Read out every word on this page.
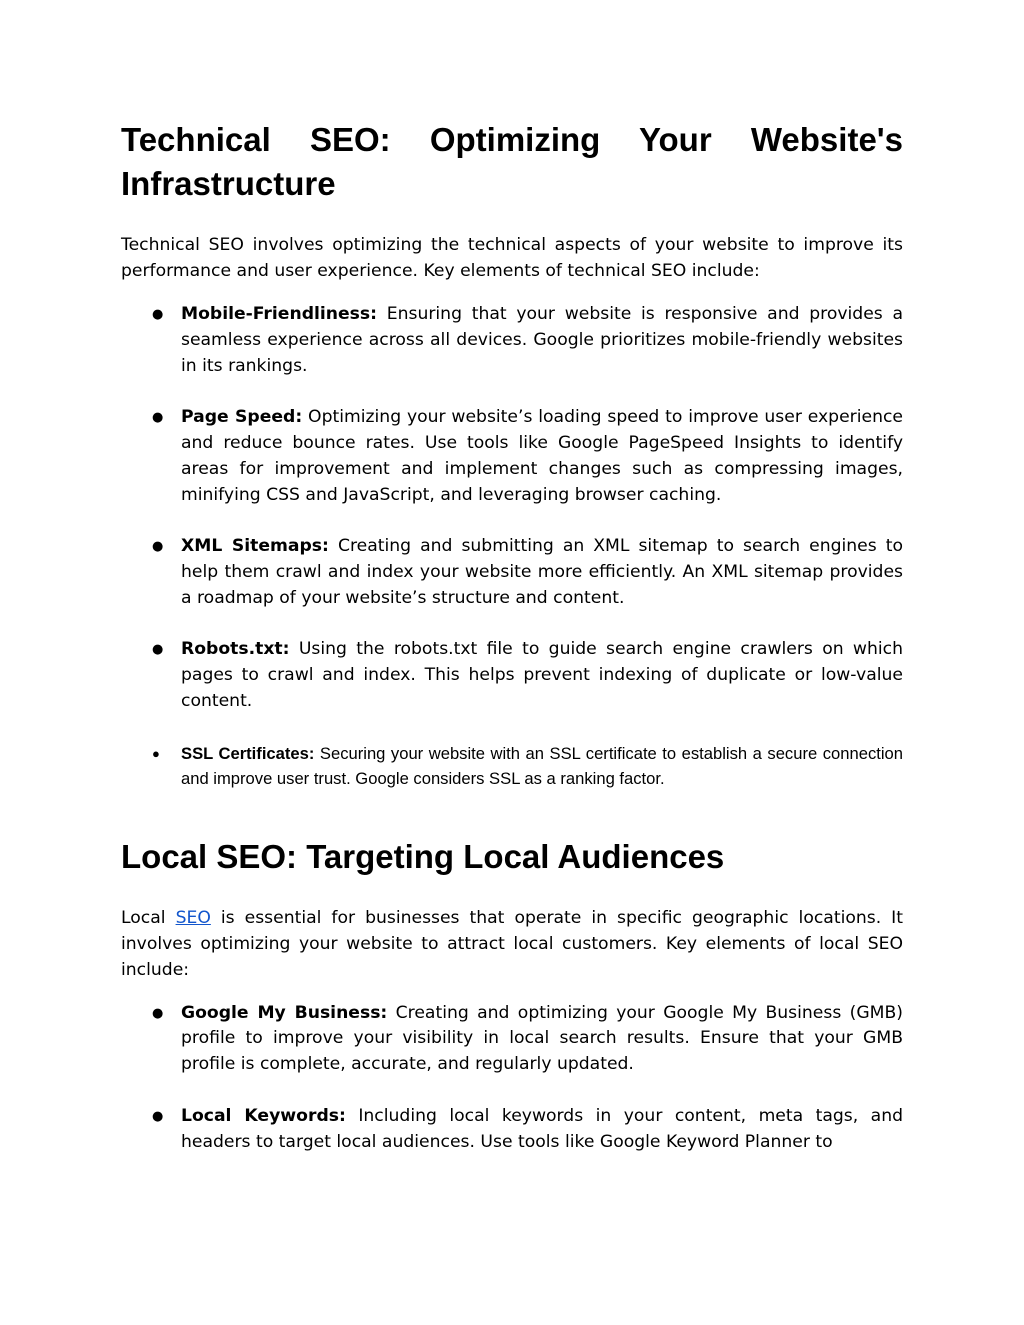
Technical SEO: Optimizing Your Website's Infrastructure

Technical SEO involves optimizing the technical aspects of your website to improve its performance and user experience. Key elements of technical SEO include:

● Mobile-Friendliness: Ensuring that your website is responsive and provides a seamless experience across all devices. Google prioritizes mobile-friendly websites in its rankings.
● Page Speed: Optimizing your website’s loading speed to improve user experience and reduce bounce rates. Use tools like Google PageSpeed Insights to identify areas for improvement and implement changes such as compressing images, minifying CSS and JavaScript, and leveraging browser caching.
● XML Sitemaps: Creating and submitting an XML sitemap to search engines to help them crawl and index your website more efficiently. An XML sitemap provides a roadmap of your website’s structure and content.
● Robots.txt: Using the robots.txt file to guide search engine crawlers on which pages to crawl and index. This helps prevent indexing of duplicate or low-value content.
● SSL Certificates: Securing your website with an SSL certificate to establish a secure connection and improve user trust. Google considers SSL as a ranking factor.
Local SEO: Targeting Local Audiences

Local SEO is essential for businesses that operate in specific geographic locations. It involves optimizing your website to attract local customers. Key elements of local SEO include:

● Google My Business: Creating and optimizing your Google My Business (GMB) profile to improve your visibility in local search results. Ensure that your GMB profile is complete, accurate, and regularly updated.
● Local Keywords: Including local keywords in your content, meta tags, and headers to target local audiences. Use tools like Google Keyword Planner to
